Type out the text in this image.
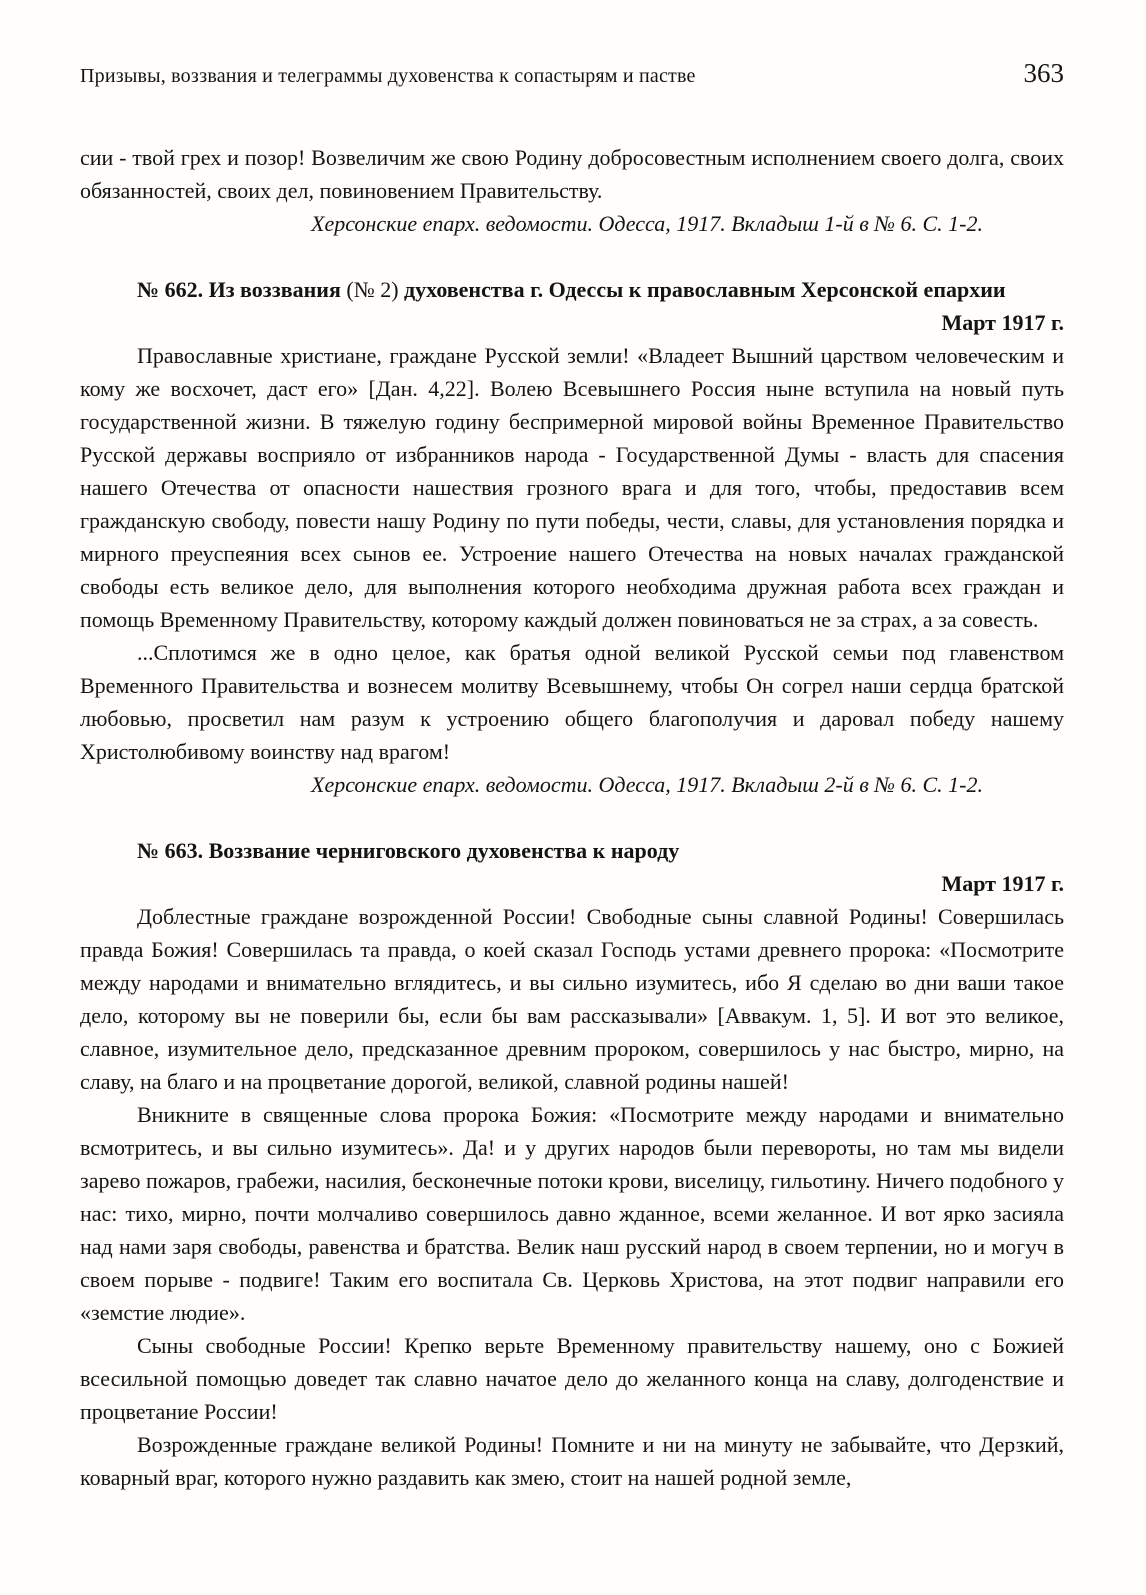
Призывы, воззвания и телеграммы духовенства к сопастырям и пастве	363

сии - твой грех и позор! Возвеличим же свою Родину добросовестным исполнением своего долга, своих обязанностей, своих дел, повиновением Правительству.

Херсонские епарх. ведомости. Одесса, 1917. Вкладыш 1-й в № 6. С. 1-2.

№ 662. Из воззвания (№ 2) духовенства г. Одессы к православным Херсонской епархии

Март 1917 г.

Православные христиане, граждане Русской земли! «Владеет Вышний царством человеческим и кому же восхочет, даст его» [Дан. 4,22]. Волею Всевышнего Россия ныне вступила на новый путь государственной жизни. В тяжелую годину беспримерной мировой войны Временное Правительство Русской державы восприяло от избранников народа - Государственной Думы - власть для спасения нашего Отечества от опасности нашествия грозного врага и для того, чтобы, предоставив всем гражданскую свободу, повести нашу Родину по пути победы, чести, славы, для установления порядка и мирного преуспеяния всех сынов ее. Устроение нашего Отечества на новых началах гражданской свободы есть великое дело, для выполнения которого необходима дружная работа всех граждан и помощь Временному Правительству, которому каждый должен повиноваться не за страх, а за совесть.

...Сплотимся же в одно целое, как братья одной великой Русской семьи под главенством Временного Правительства и вознесем молитву Всевышнему, чтобы Он согрел наши сердца братской любовью, просветил нам разум к устроению общего благополучия и даровал победу нашему Христолюбивому воинству над врагом!

Херсонские епарх. ведомости. Одесса, 1917. Вкладыш 2-й в № 6. С. 1-2.

№ 663. Воззвание черниговского духовенства к народу

Март 1917 г.

Доблестные граждане возрожденной России! Свободные сыны славной Родины! Совершилась правда Божия! Совершилась та правда, о коей сказал Господь устами древнего пророка: «Посмотрите между народами и внимательно вглядитесь, и вы сильно изумитесь, ибо Я сделаю во дни ваши такое дело, которому вы не поверили бы, если бы вам рассказывали» [Аввакум. 1, 5]. И вот это великое, славное, изумительное дело, предсказанное древним пророком, совершилось у нас быстро, мирно, на славу, на благо и на процветание дорогой, великой, славной родины нашей!

Вникните в священные слова пророка Божия: «Посмотрите между народами и внимательно всмотритесь, и вы сильно изумитесь». Да! и у других народов были перевороты, но там мы видели зарево пожаров, грабежи, насилия, бесконечные потоки крови, виселицу, гильотину. Ничего подобного у нас: тихо, мирно, почти молчаливо совершилось давно жданное, всеми желанное. И вот ярко засияла над нами заря свободы, равенства и братства. Велик наш русский народ в своем терпении, но и могуч в своем порыве - подвиге! Таким его воспитала Св. Церковь Христова, на этот подвиг направили его «земстие людие».

Сыны свободные России! Крепко верьте Временному правительству нашему, оно с Божией всесильной помощью доведет так славно начатое дело до желанного конца на славу, долгоденствие и процветание России!

Возрожденные граждане великой Родины! Помните и ни на минуту не забывайте, что Дерзкий, коварный враг, которого нужно раздавить как змею, стоит на нашей родной земле,
